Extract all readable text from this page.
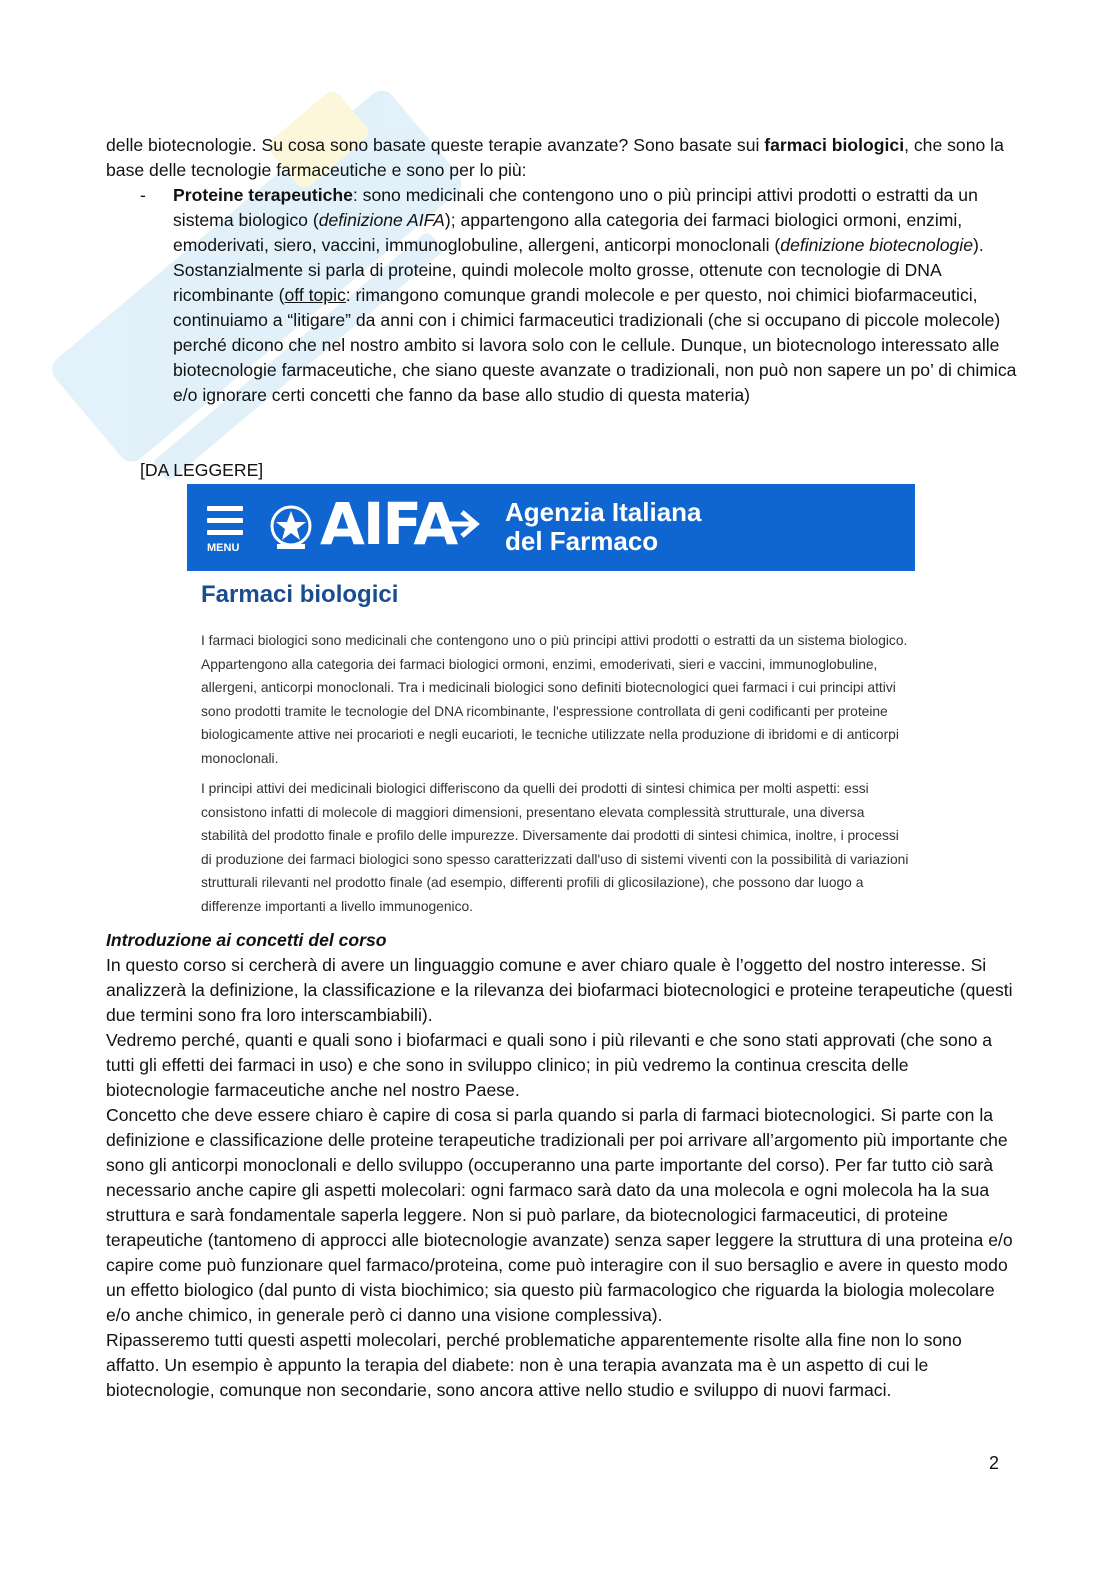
delle biotecnologie. Su cosa sono basate queste terapie avanzate? Sono basate sui farmaci biologici, che sono la base delle tecnologie farmaceutiche e sono per lo più:
- Proteine terapeutiche: sono medicinali che contengono uno o più principi attivi prodotti o estratti da un sistema biologico (definizione AIFA); appartengono alla categoria dei farmaci biologici ormoni, enzimi, emoderivati, siero, vaccini, immunoglobuline, allergeni, anticorpi monoclonali (definizione biotecnologie). Sostanzialmente si parla di proteine, quindi molecole molto grosse, ottenute con tecnologie di DNA ricombinante (off topic: rimangono comunque grandi molecole e per questo, noi chimici biofarmaceutici, continuiamo a “litigare” da anni con i chimici farmaceutici tradizionali (che si occupano di piccole molecole) perché dicono che nel nostro ambito si lavora solo con le cellule. Dunque, un biotecnologo interessato alle biotecnologie farmaceutiche, che siano queste avanzate o tradizionali, non può non sapere un po’ di chimica e/o ignorare certi concetti che fanno da base allo studio di questa materia)
[DA LEGGERE]
MENU AIFA Agenzia Italiana
del Farmaco
Farmaci biologici
I farmaci biologici sono medicinali che contengono uno o più principi attivi prodotti o estratti da un sistema biologico. Appartengono alla categoria dei farmaci biologici ormoni, enzimi, emoderivati, sieri e vaccini, immunoglobuline, allergeni, anticorpi monoclonali. Tra i medicinali biologici sono definiti biotecnologici quei farmaci i cui principi attivi sono prodotti tramite le tecnologie del DNA ricombinante, l'espressione controllata di geni codificanti per proteine biologicamente attive nei procarioti e negli eucarioti, le tecniche utilizzate nella produzione di ibridomi e di anticorpi monoclonali.
I principi attivi dei medicinali biologici differiscono da quelli dei prodotti di sintesi chimica per molti aspetti: essi consistono infatti di molecole di maggiori dimensioni, presentano elevata complessità strutturale, una diversa stabilità del prodotto finale e profilo delle impurezze. Diversamente dai prodotti di sintesi chimica, inoltre, i processi di produzione dei farmaci biologici sono spesso caratterizzati dall'uso di sistemi viventi con la possibilità di variazioni strutturali rilevanti nel prodotto finale (ad esempio, differenti profili di glicosilazione), che possono dar luogo a differenze importanti a livello immunogenico.
Introduzione ai concetti del corso
In questo corso si cercherà di avere un linguaggio comune e aver chiaro quale è l’oggetto del nostro interesse. Si analizzerà la definizione, la classificazione e la rilevanza dei biofarmaci biotecnologici e proteine terapeutiche (questi due termini sono fra loro interscambiabili).
Vedremo perché, quanti e quali sono i biofarmaci e quali sono i più rilevanti e che sono stati approvati (che sono a tutti gli effetti dei farmaci in uso) e che sono in sviluppo clinico; in più vedremo la continua crescita delle biotecnologie farmaceutiche anche nel nostro Paese.
Concetto che deve essere chiaro è capire di cosa si parla quando si parla di farmaci biotecnologici. Si parte con la definizione e classificazione delle proteine terapeutiche tradizionali per poi arrivare all’argomento più importante che sono gli anticorpi monoclonali e dello sviluppo (occuperanno una parte importante del corso). Per far tutto ciò sarà necessario anche capire gli aspetti molecolari: ogni farmaco sarà dato da una molecola e ogni molecola ha la sua struttura e sarà fondamentale saperla leggere. Non si può parlare, da biotecnologici farmaceutici, di proteine terapeutiche (tantomeno di approcci alle biotecnologie avanzate) senza saper leggere la struttura di una proteina e/o capire come può funzionare quel farmaco/proteina, come può interagire con il suo bersaglio e avere in questo modo un effetto biologico (dal punto di vista biochimico; sia questo più farmacologico che riguarda la biologia molecolare e/o anche chimico, in generale però ci danno una visione complessiva).
Ripasseremo tutti questi aspetti molecolari, perché problematiche apparentemente risolte alla fine non lo sono affatto. Un esempio è appunto la terapia del diabete: non è una terapia avanzata ma è un aspetto di cui le biotecnologie, comunque non secondarie, sono ancora attive nello studio e sviluppo di nuovi farmaci.
2
